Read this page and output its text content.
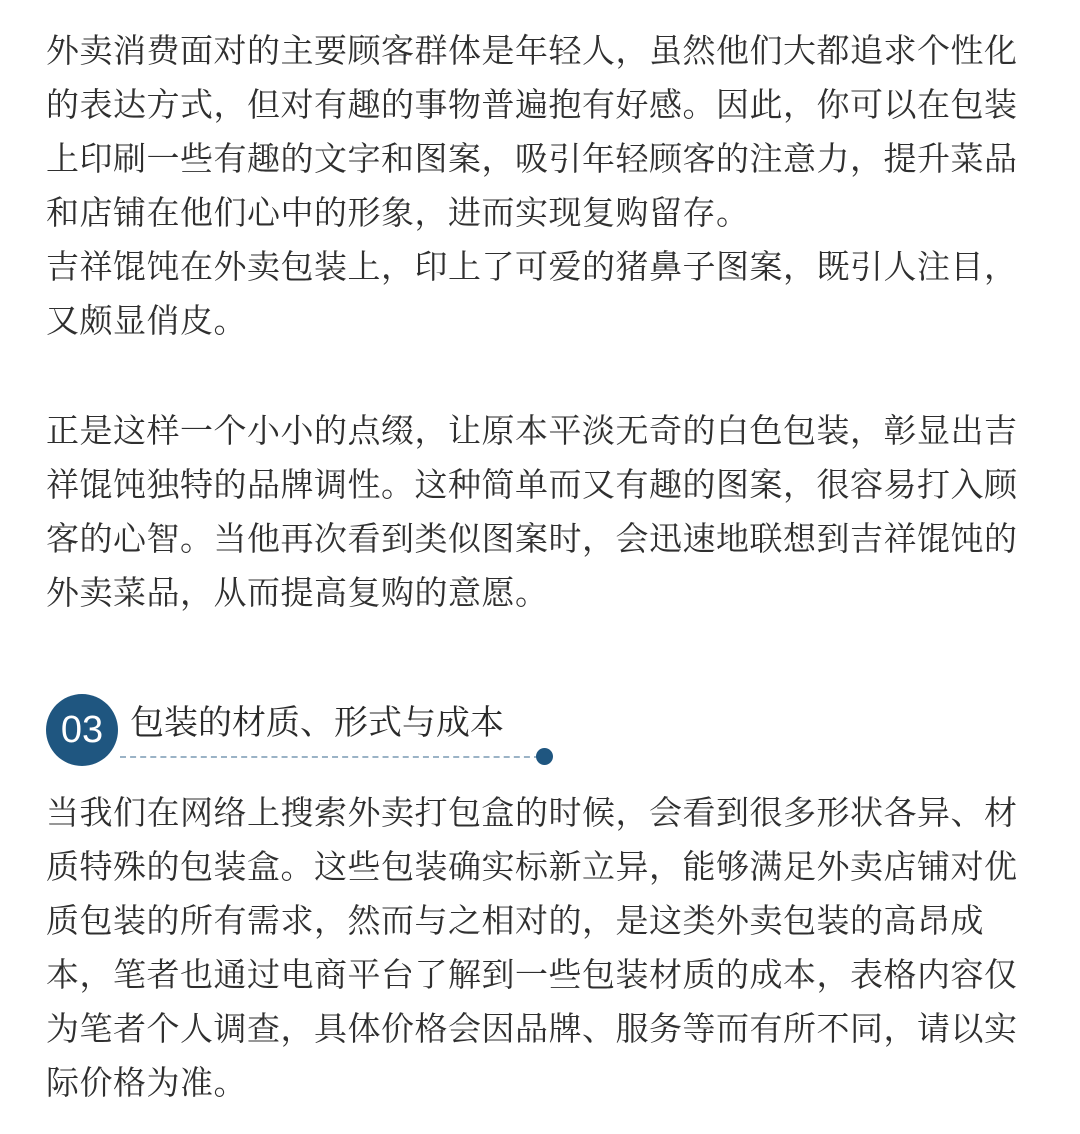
外卖消费面对的主要顾客群体是年轻人，虽然他们大都追求个性化
的表达方式，但对有趣的事物普遍抱有好感。因此，你可以在包装
上印刷一些有趣的文字和图案，吸引年轻顾客的注意力，提升菜品
和店铺在他们心中的形象，进而实现复购留存。
吉祥馄饨在外卖包装上，印上了可爱的猪鼻子图案，既引人注目，
又颇显俏皮。
正是这样一个小小的点缀，让原本平淡无奇的白色包装，彰显出吉
祥馄饨独特的品牌调性。这种简单而又有趣的图案，很容易打入顾
客的心智。当他再次看到类似图案时，会迅速地联想到吉祥馄饨的
外卖菜品，从而提高复购的意愿。
03 包装的材质、形式与成本
当我们在网络上搜索外卖打包盒的时候，会看到很多形状各异、材
质特殊的包装盒。这些包装确实标新立异，能够满足外卖店铺对优
质包装的所有需求，然而与之相对的，是这类外卖包装的高昂成
本，笔者也通过电商平台了解到一些包装材质的成本，表格内容仅
为笔者个人调查，具体价格会因品牌、服务等而有所不同，请以实
际价格为准。
